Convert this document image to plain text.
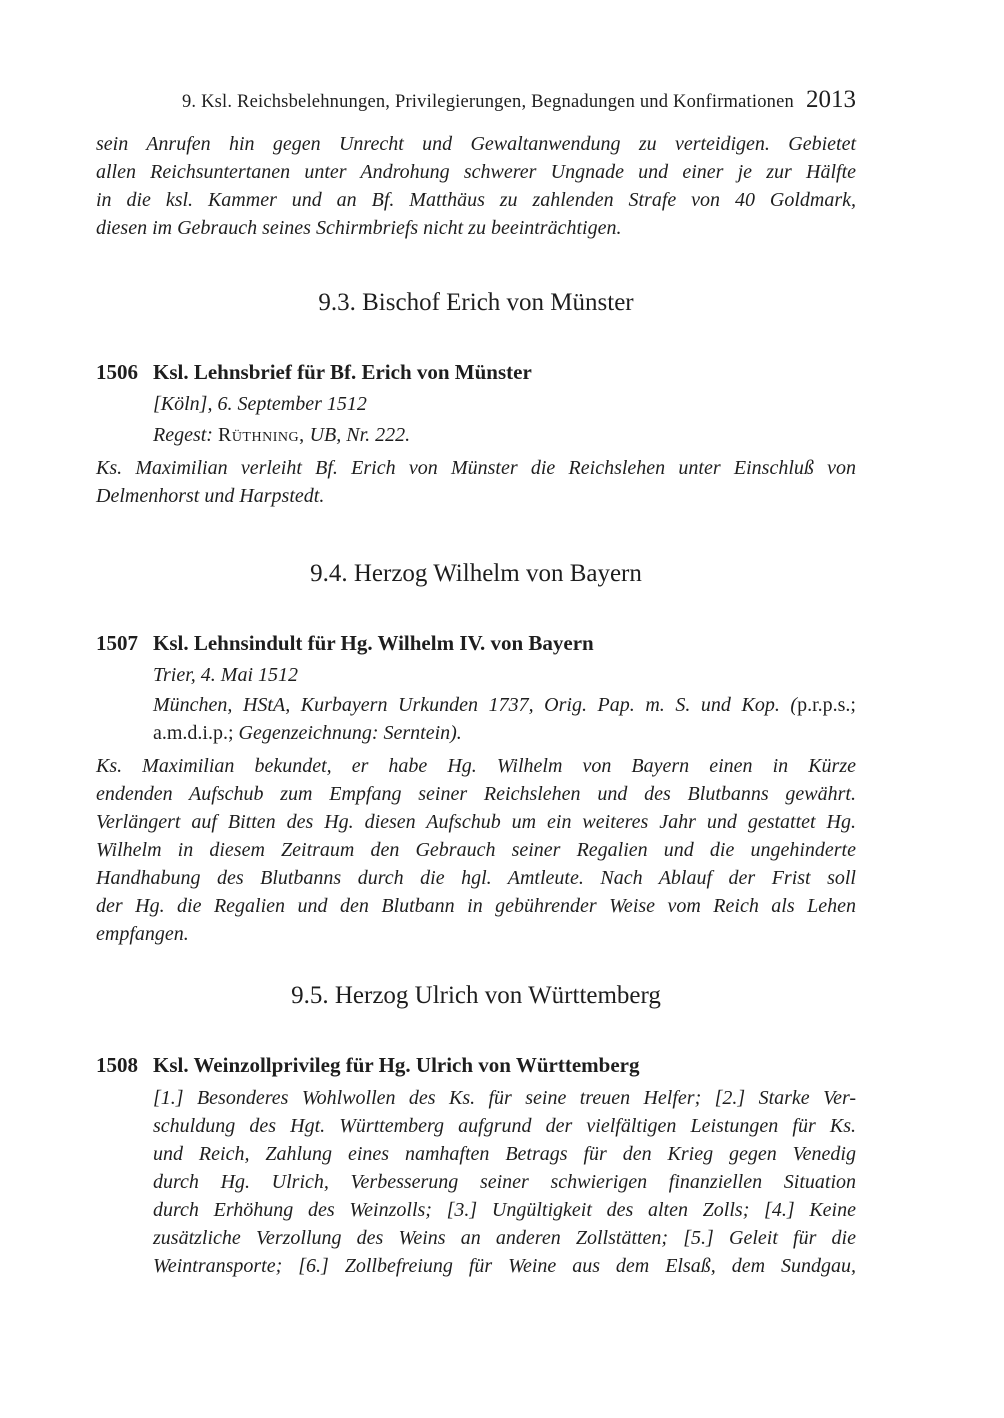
9. Ksl. Reichsbelehnungen, Privilegierungen, Begnadungen und Konfirmationen 2013
sein Anrufen hin gegen Unrecht und Gewaltanwendung zu verteidigen. Gebietet
allen Reichsuntertanen unter Androhung schwerer Ungnade und einer je zur Hälfte
in die ksl. Kammer und an Bf. Matthäus zu zahlenden Strafe von 40 Goldmark,
diesen im Gebrauch seines Schirmbriefs nicht zu beeinträchtigen.
9.3. Bischof Erich von Münster
1506 Ksl. Lehnsbrief für Bf. Erich von Münster
[Köln], 6. September 1512
Regest: Rüthning, UB, Nr. 222.
Ks. Maximilian verleiht Bf. Erich von Münster die Reichslehen unter Einschluß von
Delmenhorst und Harpstedt.
9.4. Herzog Wilhelm von Bayern
1507 Ksl. Lehnsindult für Hg. Wilhelm IV. von Bayern
Trier, 4. Mai 1512
München, HStA, Kurbayern Urkunden 1737, Orig. Pap. m. S. und Kop. (p.r.p.s.;
a.m.d.i.p.; Gegenzeichnung: Serntein).
Ks. Maximilian bekundet, er habe Hg. Wilhelm von Bayern einen in Kürze
endenden Aufschub zum Empfang seiner Reichslehen und des Blutbanns gewährt.
Verlängert auf Bitten des Hg. diesen Aufschub um ein weiteres Jahr und gestattet Hg.
Wilhelm in diesem Zeitraum den Gebrauch seiner Regalien und die ungehinderte
Handhabung des Blutbanns durch die hgl. Amtleute. Nach Ablauf der Frist soll
der Hg. die Regalien und den Blutbann in gebührender Weise vom Reich als Lehen
empfangen.
9.5. Herzog Ulrich von Württemberg
1508 Ksl. Weinzollprivileg für Hg. Ulrich von Württemberg
[1.] Besonderes Wohlwollen des Ks. für seine treuen Helfer; [2.] Starke Ver-
schuldung des Hgt. Württemberg aufgrund der vielfältigen Leistungen für Ks.
und Reich, Zahlung eines namhaften Betrags für den Krieg gegen Venedig
durch Hg. Ulrich, Verbesserung seiner schwierigen finanziellen Situation
durch Erhöhung des Weinzolls; [3.] Ungültigkeit des alten Zolls; [4.] Keine
zusätzliche Verzollung des Weins an anderen Zollstätten; [5.] Geleit für die
Weintransporte; [6.] Zollbefreiung für Weine aus dem Elsaß, dem Sundgau,
